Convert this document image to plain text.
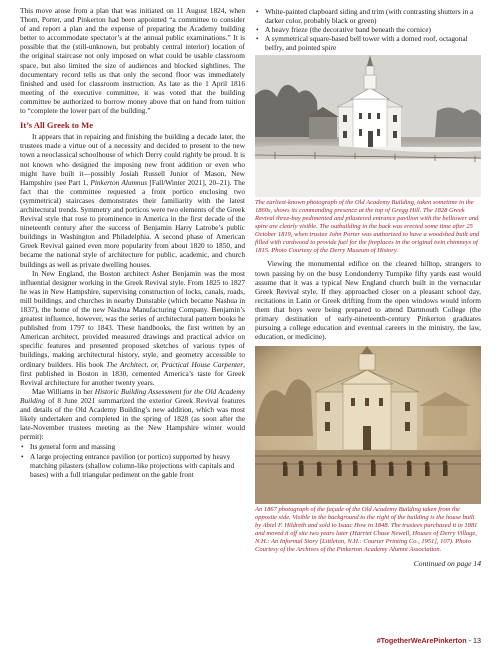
This move arose from a plan that was initiated on 11 August 1824, when Thom, Porter, and Pinkerton had been appointed “a committee to consider of and report a plan and the expense of preparing the Academy building better to accommodate spectator’s at the annual public examinations.” It is possible that the (still-unknown, but probably central interior) location of the original staircase not only imposed on what could be usable classroom space, but also limited the size of audiences and blocked sightlines. The documentary record tells us that only the second floor was immediately finished and used for classroom instruction. As late as the 1 April 1816 meeting of the executive committee, it was voted that the building committee be authorized to borrow money above that on hand from tuition to “complete the lower part of the building.”

It’s All Greek to Me

It appears that in repairing and finishing the building a decade later, the trustees made a virtue out of a necessity and decided to present to the new town a neoclassical schoolhouse of which Derry could rightly be proud. It is not known who designed the imposing new front addition or even who might have built it—possibly Josiah Russell Junior of Mason, New Hampshire (see Part 1, Pinkerton Alumnus [Fall/Winter 2021], 20–21). The fact that the committee requested a front portico enclosing two (symmetrical) staircases demonstrates their familiarity with the latest architectural trends. Symmetry and porticos were two elements of the Greek Revival style that rose to prominence in America in the first decade of the nineteenth century after the success of Benjamin Harry Latrobe’s public buildings in Washington and Philadelphia. A second phase of American Greek Revival gained even more popularity from about 1820 to 1850, and became the national style of architecture for public, academic, and church buildings as well as private dwelling houses.

In New England, the Boston architect Asher Benjamin was the most influential designer working in the Greek Revival style. From 1825 to 1827 he was in New Hampshire, supervising construction of locks, canals, roads, mill buildings, and churches in nearby Dunstable (which became Nashua in 1837), the home of the new Nashua Manufacturing Company. Benjamin’s greatest influence, however, was the series of architectural pattern books he published from 1797 to 1843. These handbooks, the first written by an American architect, provided measured drawings and practical advice on specific features and presented proposed sketches of various types of buildings, making architectural history, style, and geometry accessible to ordinary builders. His book The Architect, or, Practical House Carpenter, first published in Boston in 1830, cemented America’s taste for Greek Revival architecture for another twenty years.

Mae Williams in her Historic Building Assessment for the Old Academy Building of 8 June 2021 summarized the exterior Greek Revival features and details of the Old Academy Building’s new addition, which was most likely undertaken and completed in the spring of 1828 (as soon after the late-November trustees meeting as the New Hampshire winter would permit):

• Its general form and massing
• A large projecting entrance pavilion (or portico) supported by heavy matching pilasters (shallow column-like projections with capitals and bases) with a full triangular pediment on the gable front
• White-painted clapboard siding and trim (with contrasting shutters in a darker color, probably black or green)
• A heavy frieze (the decorative band beneath the cornice)
• A symmetrical square-based bell tower with a domed roof, octagonal belfry, and pointed spire

The earliest-known photograph of the Old Academy Building, taken sometime in the 1860s, shows its commanding presence at the top of Gregg Hill. The 1828 Greek Revival three-bay pedimented and pilastered entrance pavilion with the belltower and spire are clearly visible. The outbuilding in the back was erected some time after 25 October 1819, when trustee John Porter was authorized to have a woodshed built and filled with cordwood to provide fuel for the fireplaces in the original twin chimneys of 1815. Photo Courtesy of the Derry Museum of History.

Viewing the monumental edifice on the cleared hilltop, strangers to town passing by on the busy Londonderry Turnpike fifty yards east would assume that it was a typical New England church built in the vernacular Greek Revival style. If they approached closer on a pleasant school day, recitations in Latin or Greek drifting from the open windows would inform them that boys were being prepared to attend Dartmouth College (the primary destination of early-nineteenth-century Pinkerton graduates pursuing a college education and eventual careers in the ministry, the law, education, or medicine).

An 1867 photograph of the façade of the Old Academy Building taken from the opposite side. Visible in the background to the right of the building is the house built by Abiel F. Hildreth and sold to Isaac How in 1848. The trustees purchased it in 1881 and moved it off site two years later (Harriet Chase Newell, Houses of Derry Village, N.H.: An Informal Story [Littleton, N.H.: Courier Printing Co., 1951], 107). Photo Courtesy of the Archives of the Pinkerton Academy Alumni Association.

Continued on page 14

#TogetherWeArePinkerton - 13
